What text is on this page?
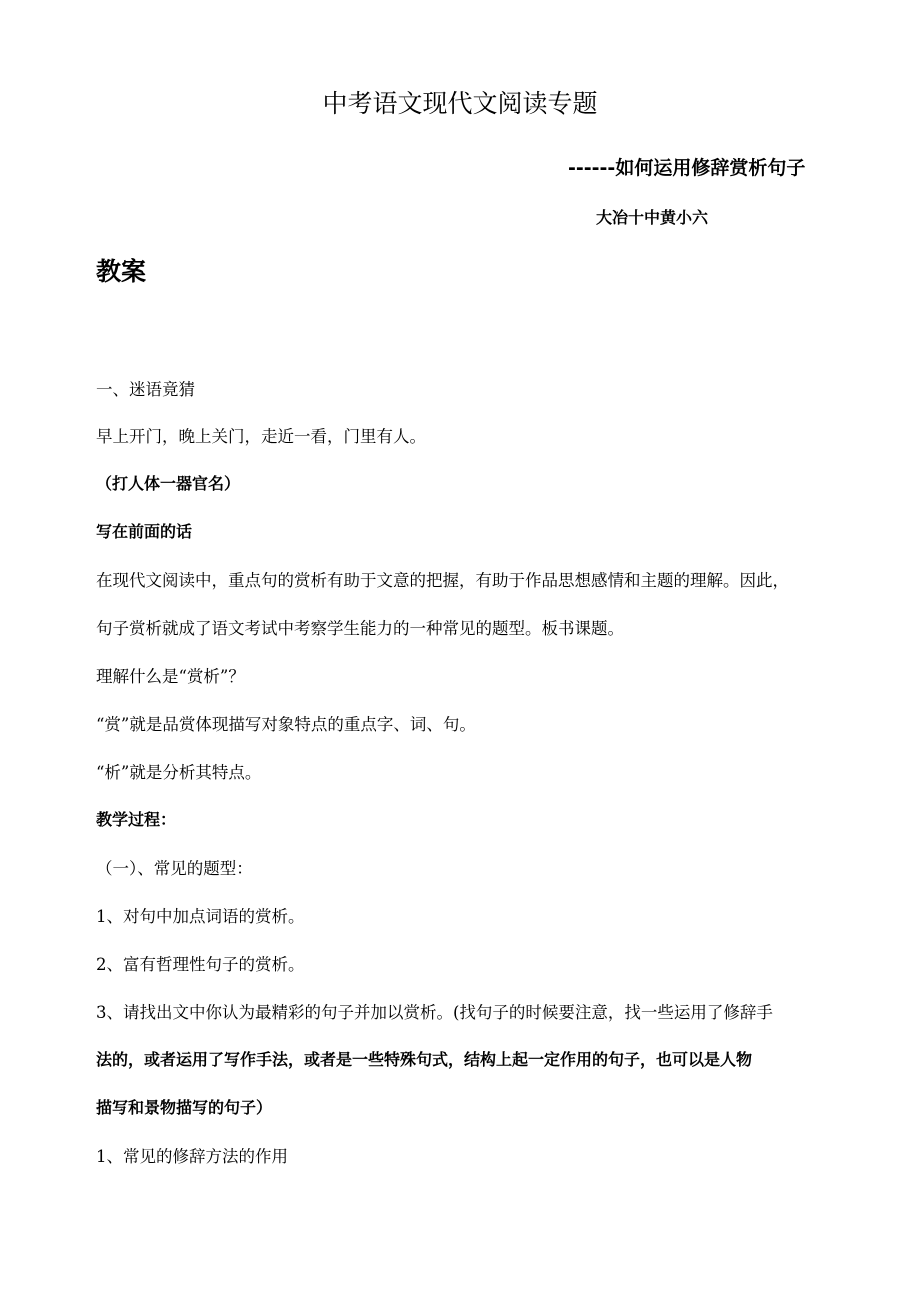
中考语文现代文阅读专题
------如何运用修辞赏析句子
大冶十中黄小六
教案
一、迷语竟猜
早上开门，晚上关门，走近一看，门里有人。
（打人体一器官名）
写在前面的话
在现代文阅读中，重点句的赏析有助于文意的把握，有助于作品思想感情和主题的理解。因此，
句子赏析就成了语文考试中考察学生能力的一种常见的题型。板书课题。
理解什么是“赏析”？
“赏”就是品赏体现描写对象特点的重点字、词、句。
“析”就是分析其特点。
教学过程：
（一）、常见的题型：
1、对句中加点词语的赏析。
2、富有哲理性句子的赏析。
3、请找出文中你认为最精彩的句子并加以赏析。(找句子的时候要注意，找一些运用了修辞手
法的，或者运用了写作手法，或者是一些特殊句式，结构上起一定作用的句子，也可以是人物
描写和景物描写的句子）
1、常见的修辞方法的作用
